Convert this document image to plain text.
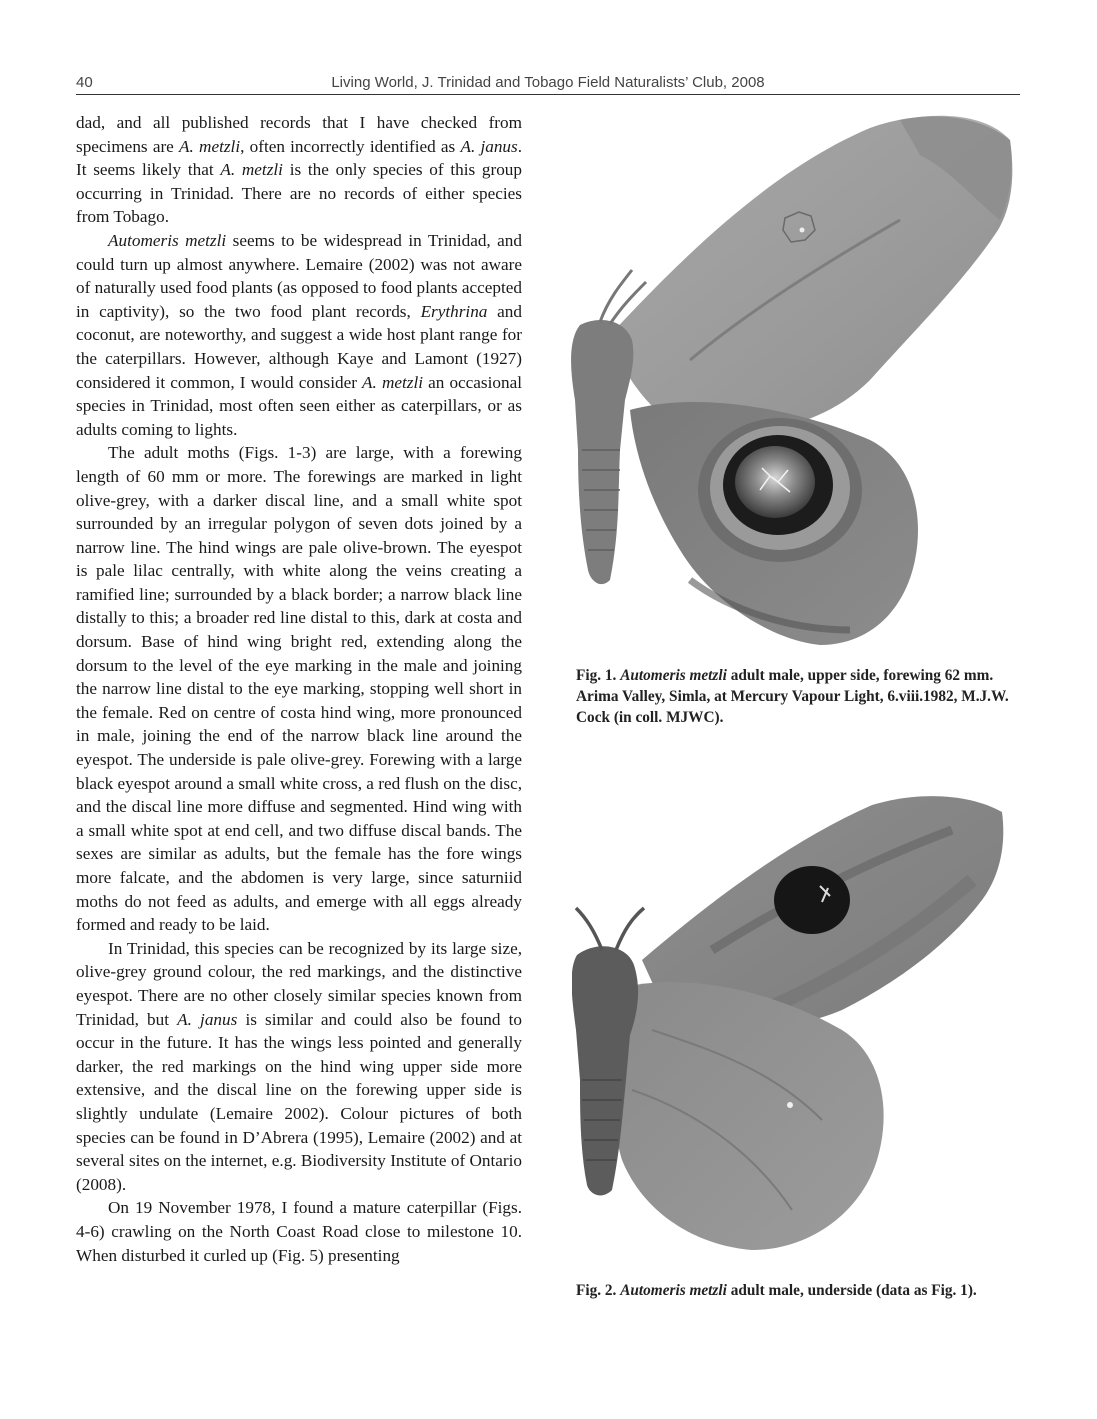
40	Living World, J. Trinidad and Tobago Field Naturalists’ Club, 2008

dad, and all published records that I have checked from specimens are A. metzli, often incorrectly identified as A. janus. It seems likely that A. metzli is the only species of this group occurring in Trinidad. There are no records of either species from Tobago.

Automeris metzli seems to be widespread in Trinidad, and could turn up almost anywhere. Lemaire (2002) was not aware of naturally used food plants (as opposed to food plants accepted in captivity), so the two food plant records, Erythrina and coconut, are noteworthy, and suggest a wide host plant range for the caterpillars. However, although Kaye and Lamont (1927) considered it common, I would consider A. metzli an occasional species in Trinidad, most often seen either as caterpillars, or as adults coming to lights.

The adult moths (Figs. 1-3) are large, with a forewing length of 60 mm or more. The forewings are marked in light olive-grey, with a darker discal line, and a small white spot surrounded by an irregular polygon of seven dots joined by a narrow line. The hind wings are pale olive-brown. The eyespot is pale lilac centrally, with white along the veins creating a ramified line; surrounded by a black border; a narrow black line distally to this; a broader red line distal to this, dark at costa and dorsum. Base of hind wing bright red, extending along the dorsum to the level of the eye marking in the male and joining the narrow line distal to the eye marking, stopping well short in the female. Red on centre of costa hind wing, more pronounced in male, joining the end of the narrow black line around the eyespot. The underside is pale olive-grey. Forewing with a large black eyespot around a small white cross, a red flush on the disc, and the discal line more diffuse and segmented. Hind wing with a small white spot at end cell, and two diffuse discal bands. The sexes are similar as adults, but the female has the fore wings more falcate, and the abdomen is very large, since saturniid moths do not feed as adults, and emerge with all eggs already formed and ready to be laid.

In Trinidad, this species can be recognized by its large size, olive-grey ground colour, the red markings, and the distinctive eyespot. There are no other closely similar species known from Trinidad, but A. janus is similar and could also be found to occur in the future. It has the wings less pointed and generally darker, the red markings on the hind wing upper side more extensive, and the discal line on the forewing upper side is slightly undulate (Lemaire 2002). Colour pictures of both species can be found in D’Abrera (1995), Lemaire (2002) and at several sites on the internet, e.g. Biodiversity Institute of Ontario (2008).

On 19 November 1978, I found a mature caterpillar (Figs. 4-6) crawling on the North Coast Road close to milestone 10. When disturbed it curled up (Fig. 5) presenting

Fig. 1. Automeris metzli adult male, upper side, forewing 62 mm. Arima Valley, Simla, at Mercury Vapour Light, 6.viii.1982, M.J.W. Cock (in coll. MJWC).
Fig. 2. Automeris metzli adult male, underside (data as Fig. 1).
